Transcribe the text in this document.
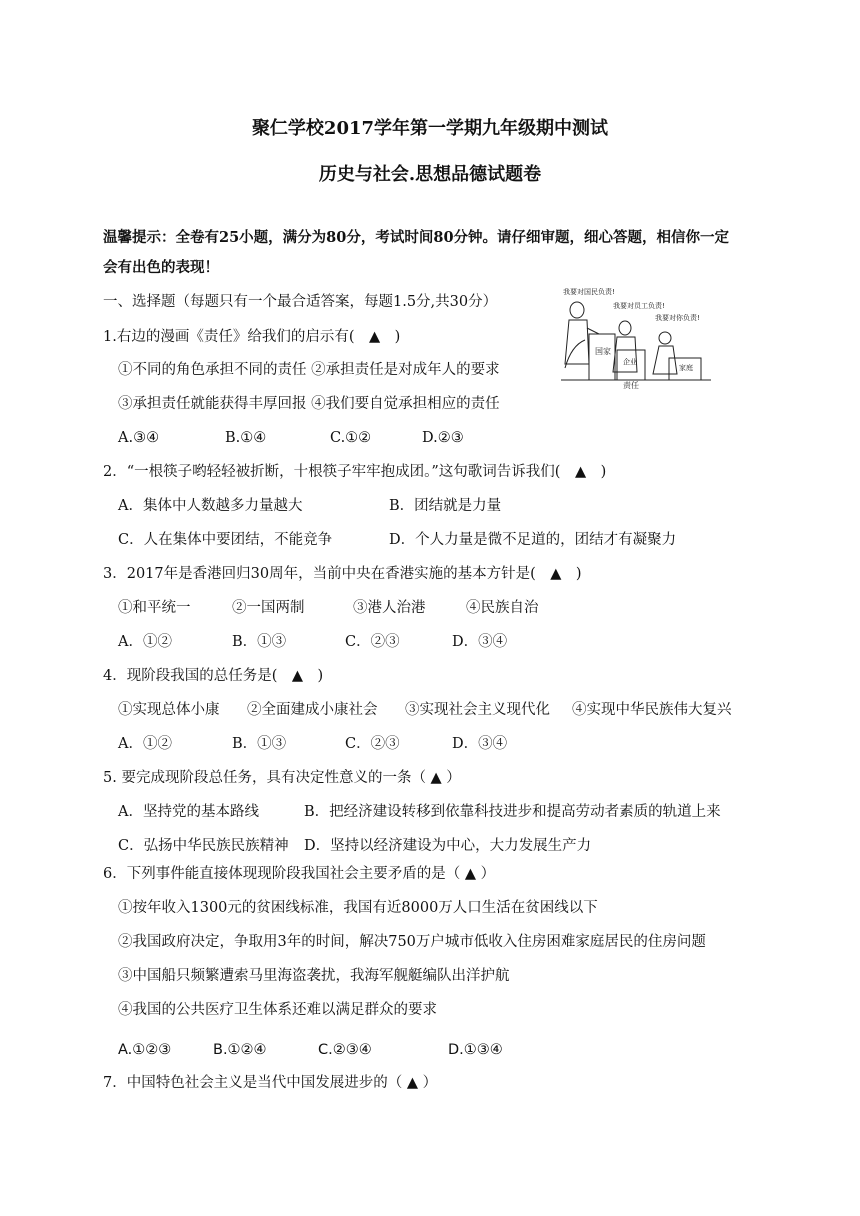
聚仁学校2017学年第一学期九年级期中测试
历史与社会.思想品德试题卷
温馨提示：全卷有25小题，满分为80分，考试时间80分钟。请仔细审题，细心答题，相信你一定
会有出色的表现！
一、选择题（每题只有一个最合适答案，每题1.5分,共30分）
我要对国民负责!
我要对员工负责!
我要对你负责!
国家
企业
家庭
责任
1.右边的漫画《责任》给我们的启示有(　▲　)
①不同的角色承担不同的责任 ②承担责任是对成年人的要求
③承担责任就能获得丰厚回报 ④我们要自觉承担相应的责任
A.③④	B.①④	C.①②	D.②③
2．“一根筷子哟轻轻被折断，十根筷子牢牢抱成团。”这句歌词告诉我们(　▲　)
A．集体中人数越多力量越大	B．团结就是力量
C．人在集体中要团结，不能竞争	D．个人力量是微不足道的，团结才有凝聚力
3．2017年是香港回归30周年，当前中央在香港实施的基本方针是(　▲　)
①和平统一	②一国两制	③港人治港	④民族自治
A．①②	B．①③	C．②③	D．③④
4．现阶段我国的总任务是(　▲　)
①实现总体小康 ②全面建成小康社会 ③实现社会主义现代化 ④实现中华民族伟大复兴
A．①②	B．①③	C．②③	D．③④
5. 要完成现阶段总任务，具有决定性意义的一条（ ▲ ）
A．坚持党的基本路线	B．把经济建设转移到依靠科技进步和提高劳动者素质的轨道上来
C．弘扬中华民族民族精神 D．坚持以经济建设为中心，大力发展生产力
6．下列事件能直接体现现阶段我国社会主要矛盾的是（ ▲ ）
①按年收入1300元的贫困线标准，我国有近8000万人口生活在贫困线以下
②我国政府决定，争取用3年的时间，解决750万户城市低收入住房困难家庭居民的住房问题
③中国船只频繁遭索马里海盗袭扰，我海军舰艇编队出洋护航
④我国的公共医疗卫生体系还难以满足群众的要求
A.①②③	B.①②④	C.②③④	D.①③④
7．中国特色社会主义是当代中国发展进步的（ ▲ ）
